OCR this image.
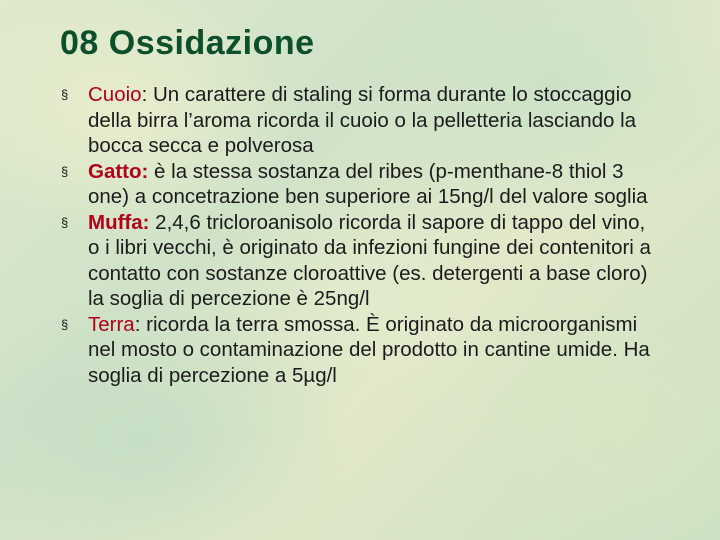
08 Ossidazione
§ Cuoio: Un carattere di staling si forma durante lo stoccaggio della birra l’aroma ricorda il cuoio o la pelletteria lasciando la bocca secca e polverosa
§ Gatto: è la stessa sostanza del ribes (p-menthane-8 thiol 3 one) a concetrazione ben superiore ai 15ng/l del valore soglia
§ Muffa: 2,4,6 tricloroanisolo ricorda il sapore di tappo del vino, o i libri vecchi, è originato da infezioni fungine dei contenitori a contatto con sostanze cloroattive (es. detergenti a base cloro) la soglia di percezione è 25ng/l
§ Terra: ricorda la terra smossa. È originato da microorganismi nel mosto o contaminazione del prodotto in cantine umide. Ha soglia di percezione a 5µg/l
